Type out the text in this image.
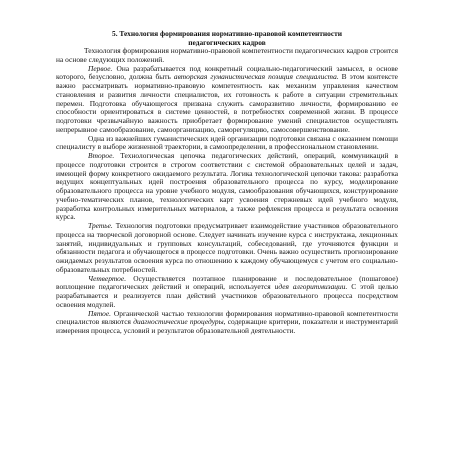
5. Технология формирования нормативно-правовой компетентности
педагогических кадров

Технология формирования нормативно-правовой компетентности педагогических кадров строится на основе следующих положений.

Первое. Она разрабатывается под конкретный социально-педагогический замысел, в основе которого, безусловно, должна быть авторская гуманистическая позиция специалиста. В этом контексте важно рассматривать нормативно-правовую компетентность как механизм управления качеством становления и развития личности специалистов, их готовность к работе в ситуации стремительных перемен. Подготовка обучающегося призвана служить саморазвитию личности, формированию ее способности ориентироваться в системе ценностей, в потребностях современной жизни. В процессе подготовки чрезвычайную важность приобретает формирование умений специалистов осуществлять непрерывное самообразование, самоорганизацию, саморегуляцию, самосовершенствование.

Одна из важнейших гуманистических идей организации подготовки связана с оказанием помощи специалисту в выборе жизненной траектории, в самоопределении, в профессиональном становлении.

Второе. Технологическая цепочка педагогических действий, операций, коммуникаций в процессе подготовки строится в строгом соответствии с системой образовательных целей и задач, имеющей форму конкретного ожидаемого результата. Логика технологической цепочки такова: разработка ведущих концептуальных идей построения образовательного процесса по курсу, моделирование образовательного процесса на уровне учебного модуля, самообразования обучающихся, конструирование учебно-тематических планов, технологических карт усвоения стержневых идей учебного модуля, разработка контрольных измерительных материалов, а также рефлексия процесса и результата освоения курса.

Третье. Технология подготовки предусматривает взаимодействие участников образовательного процесса на творческой договорной основе. Следует начинать изучение курса с инструктажа, лекционных занятий, индивидуальных и групповых консультаций, собеседований, где уточняются функции и обязанности педагога и обучающегося в процессе подготовки. Очень важно осуществить прогнозирование ожидаемых результатов освоения курса по отношению к каждому обучающемуся с учетом его социально-образовательных потребностей.

Четвертое. Осуществляется поэтапное планирование и последовательное (пошаговое) воплощение педагогических действий и операций, используется идея алгоритмизации. С этой целью разрабатывается и реализуется план действий участников образовательного процесса посредством освоения модулей.

Пятое. Органической частью технологии формирования нормативно-правовой компетентности специалистов являются диагностические процедуры, содержащие критерии, показатели и инструментарий измерения процесса, условий и результатов образовательной деятельности.
